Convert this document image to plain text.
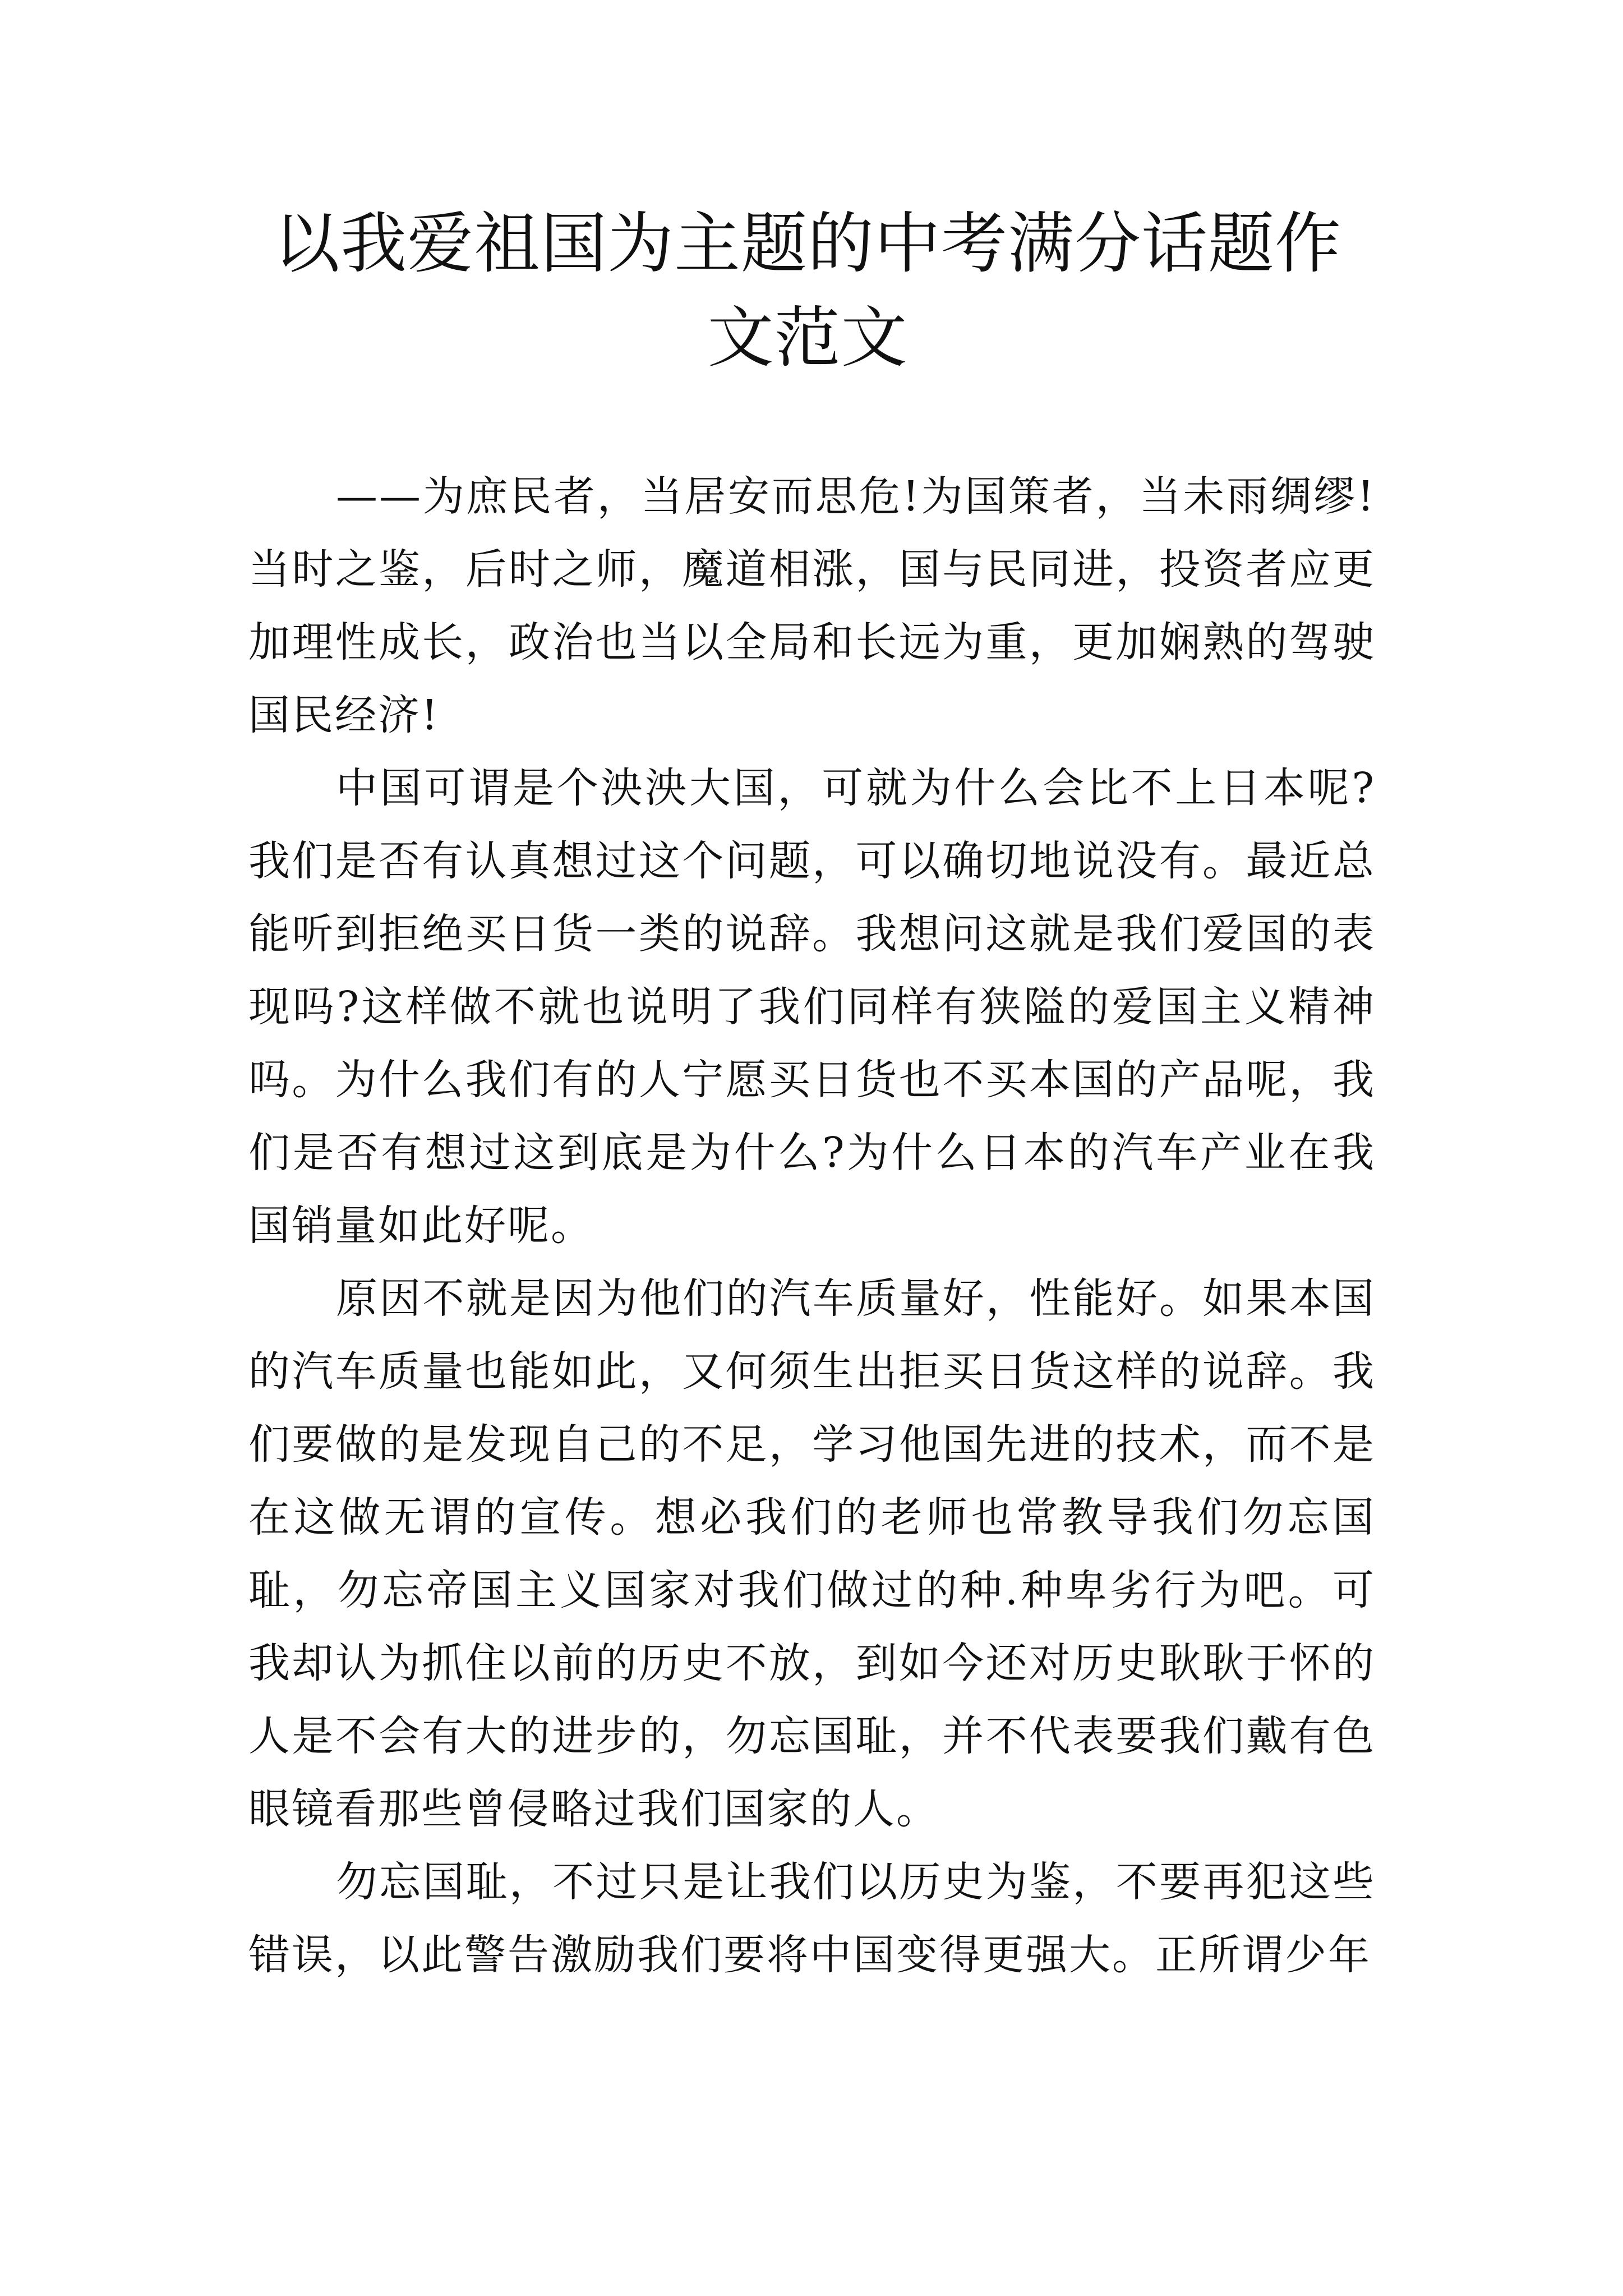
以我爱祖国为主题的中考满分话题作文范文

——为庶民者，当居安而思危!为国策者，当未雨绸缪!当时之鉴，后时之师，魔道相涨，国与民同进，投资者应更加理性成长，政治也当以全局和长远为重，更加娴熟的驾驶国民经济!

中国可谓是个泱泱大国，可就为什么会比不上日本呢?我们是否有认真想过这个问题，可以确切地说没有。最近总能听到拒绝买日货一类的说辞。我想问这就是我们爱国的表现吗?这样做不就也说明了我们同样有狭隘的爱国主义精神吗。为什么我们有的人宁愿买日货也不买本国的产品呢，我们是否有想过这到底是为什么?为什么日本的汽车产业在我国销量如此好呢。

原因不就是因为他们的汽车质量好，性能好。如果本国的汽车质量也能如此，又何须生出拒买日货这样的说辞。我们要做的是发现自己的不足，学习他国先进的技术，而不是在这做无谓的宣传。想必我们的老师也常教导我们勿忘国耻，勿忘帝国主义国家对我们做过的种.种卑劣行为吧。可我却认为抓住以前的历史不放，到如今还对历史耿耿于怀的人是不会有大的进步的，勿忘国耻，并不代表要我们戴有色眼镜看那些曾侵略过我们国家的人。

勿忘国耻，不过只是让我们以历史为鉴，不要再犯这些错误，以此警告激励我们要将中国变得更强大。正所谓少年
